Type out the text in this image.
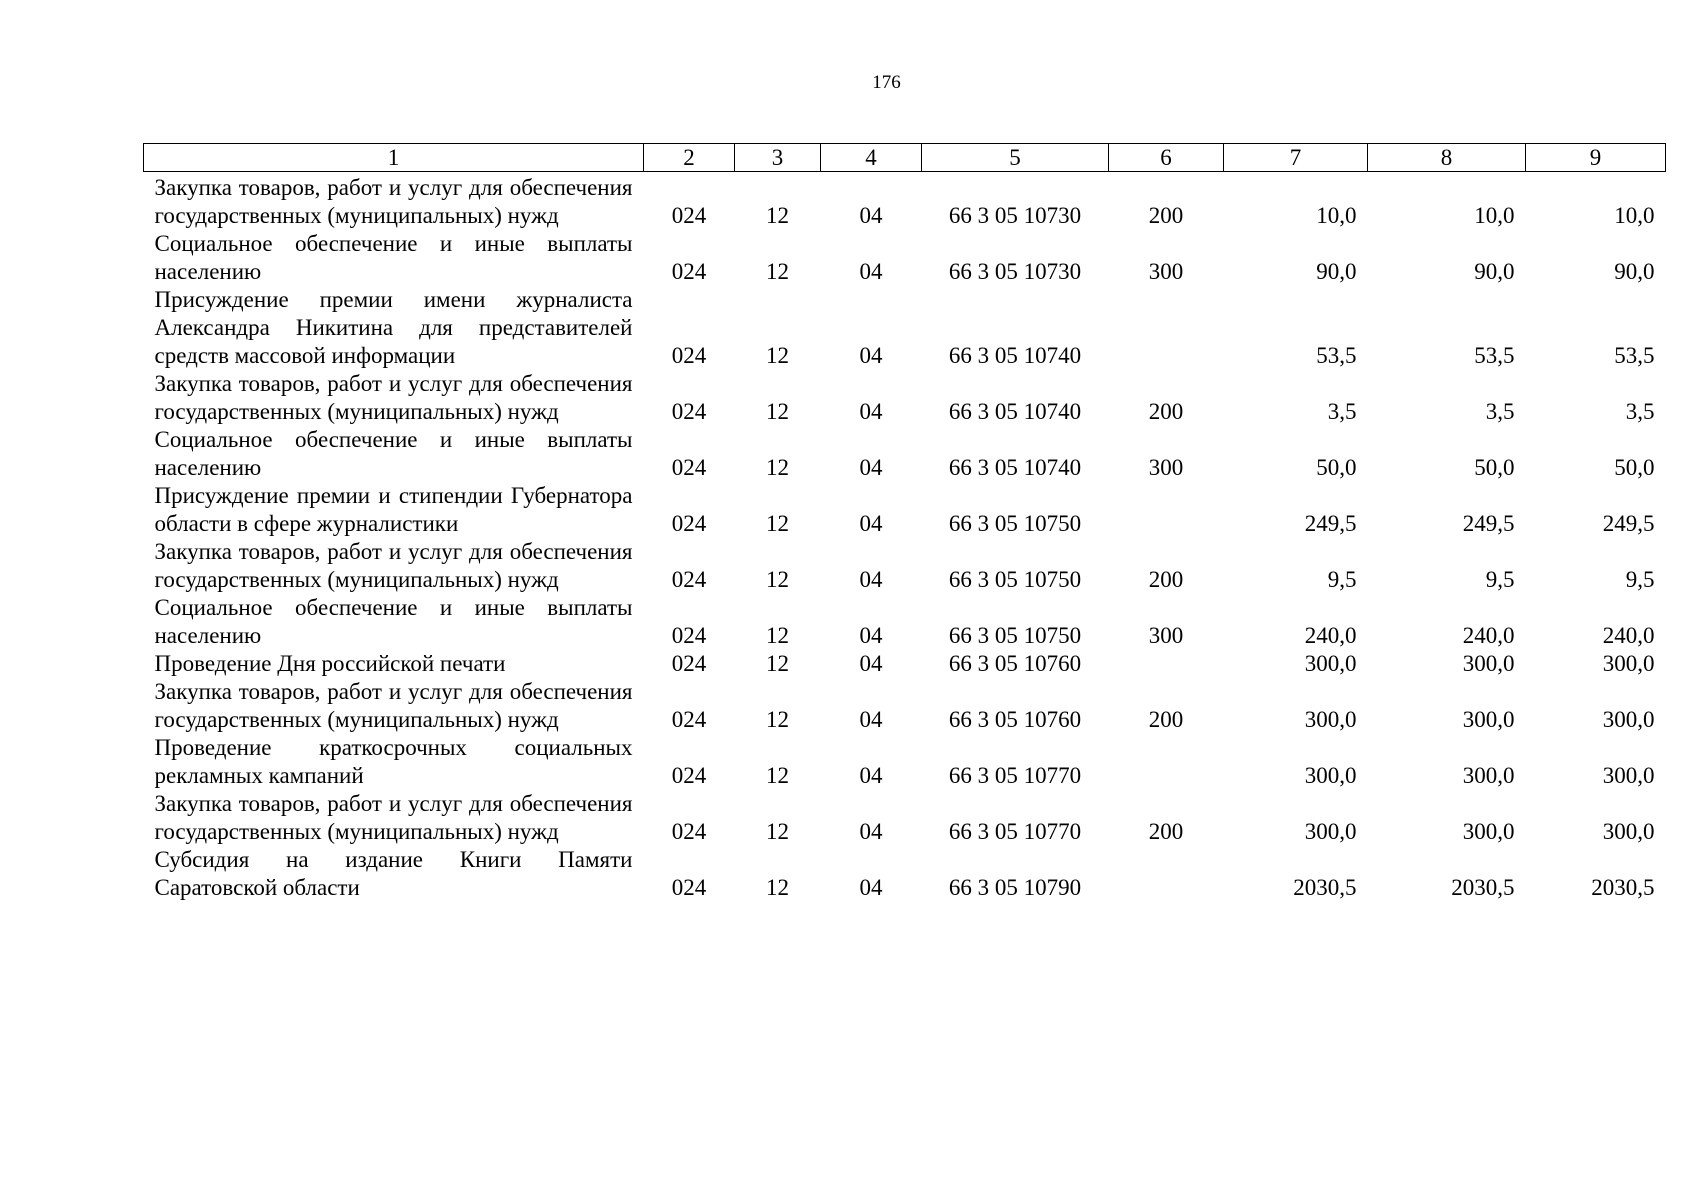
176
1	2	3	4	5	6	7	8	9
Закупка товаров, работ и услуг для обеспечения государственных (муниципальных) нужд	024	12	04	66 3 05 10730	200	10,0	10,0	10,0
Социальное обеспечение и иные выплаты населению	024	12	04	66 3 05 10730	300	90,0	90,0	90,0
Присуждение премии имени журналиста Александра Никитина для представителей средств массовой информации	024	12	04	66 3 05 10740		53,5	53,5	53,5
Закупка товаров, работ и услуг для обеспечения государственных (муниципальных) нужд	024	12	04	66 3 05 10740	200	3,5	3,5	3,5
Социальное обеспечение и иные выплаты населению	024	12	04	66 3 05 10740	300	50,0	50,0	50,0
Присуждение премии и стипендии Губернатора области в сфере журналистики	024	12	04	66 3 05 10750		249,5	249,5	249,5
Закупка товаров, работ и услуг для обеспечения государственных (муниципальных) нужд	024	12	04	66 3 05 10750	200	9,5	9,5	9,5
Социальное обеспечение и иные выплаты населению	024	12	04	66 3 05 10750	300	240,0	240,0	240,0
Проведение Дня российской печати	024	12	04	66 3 05 10760		300,0	300,0	300,0
Закупка товаров, работ и услуг для обеспечения государственных (муниципальных) нужд	024	12	04	66 3 05 10760	200	300,0	300,0	300,0
Проведение краткосрочных социальных рекламных кампаний	024	12	04	66 3 05 10770		300,0	300,0	300,0
Закупка товаров, работ и услуг для обеспечения государственных (муниципальных) нужд	024	12	04	66 3 05 10770	200	300,0	300,0	300,0
Субсидия на издание Книги Памяти Саратовской области	024	12	04	66 3 05 10790		2030,5	2030,5	2030,5
